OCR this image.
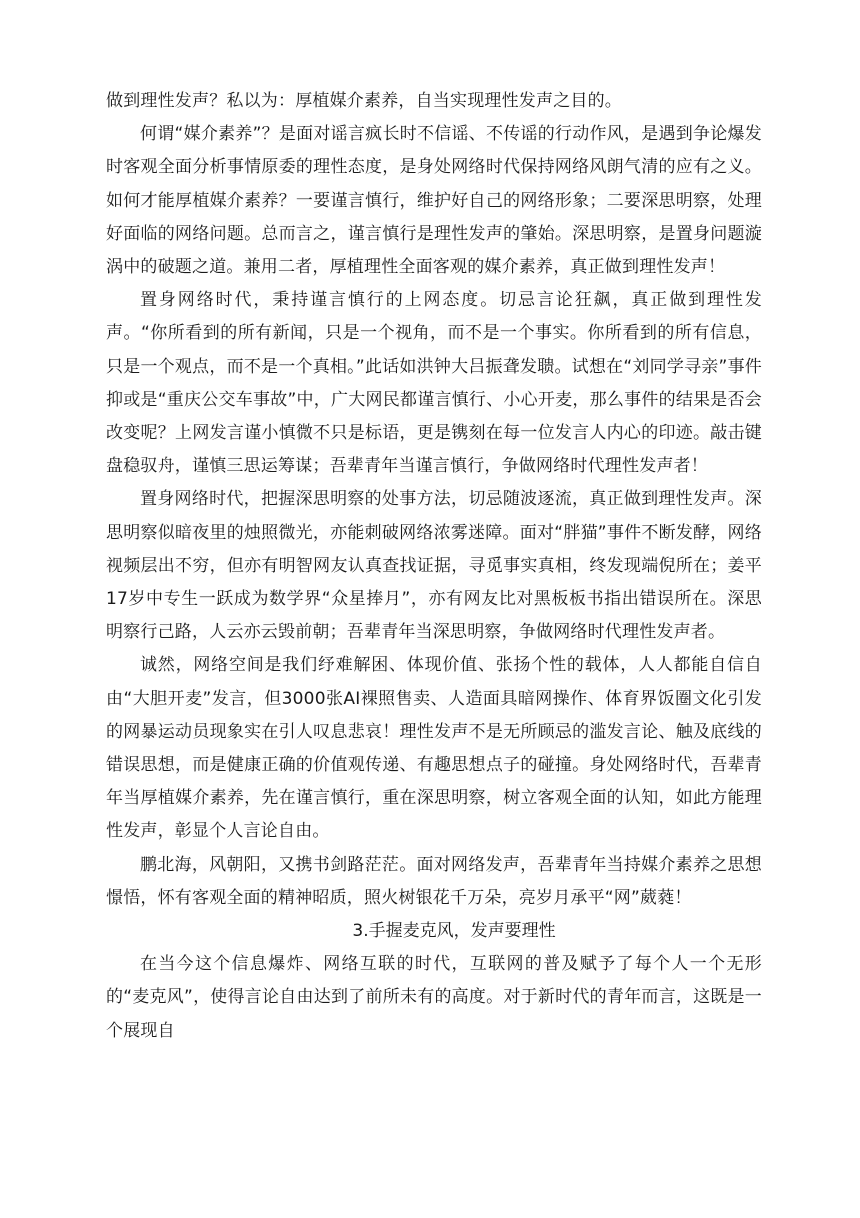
做到理性发声？私以为：厚植媒介素养，自当实现理性发声之目的。

何谓“媒介素养”？是面对谣言疯长时不信谣、不传谣的行动作风，是遇到争论爆发时客观全面分析事情原委的理性态度，是身处网络时代保持网络风朗气清的应有之义。如何才能厚植媒介素养？一要谨言慎行，维护好自己的网络形象；二要深思明察，处理好面临的网络问题。总而言之，谨言慎行是理性发声的肇始。深思明察，是置身问题漩涡中的破题之道。兼用二者，厚植理性全面客观的媒介素养，真正做到理性发声！

置身网络时代，秉持谨言慎行的上网态度。切忌言论狂飙，真正做到理性发声。“你所看到的所有新闻，只是一个视角，而不是一个事实。你所看到的所有信息，只是一个观点，而不是一个真相。”此话如洪钟大吕振聋发聩。试想在“刘同学寻亲”事件抑或是“重庆公交车事故”中，广大网民都谨言慎行、小心开麦，那么事件的结果是否会改变呢？上网发言谨小慎微不只是标语，更是镌刻在每一位发言人内心的印迹。敲击键盘稳驭舟，谨慎三思运筹谋；吾辈青年当谨言慎行，争做网络时代理性发声者！

置身网络时代，把握深思明察的处事方法，切忌随波逐流，真正做到理性发声。深思明察似暗夜里的烛照微光，亦能刺破网络浓雾迷障。面对“胖猫”事件不断发酵，网络视频层出不穷，但亦有明智网友认真查找证据，寻觅事实真相，终发现端倪所在；姜平17岁中专生一跃成为数学界“众星捧月”，亦有网友比对黑板板书指出错误所在。深思明察行己路，人云亦云毁前朝；吾辈青年当深思明察，争做网络时代理性发声者。

诚然，网络空间是我们纾难解困、体现价值、张扬个性的载体，人人都能自信自由“大胆开麦”发言，但3000张AI裸照售卖、人造面具暗网操作、体育界饭圈文化引发的网暴运动员现象实在引人叹息悲哀！理性发声不是无所顾忌的滥发言论、触及底线的错误思想，而是健康正确的价值观传递、有趣思想点子的碰撞。身处网络时代，吾辈青年当厚植媒介素养，先在谨言慎行，重在深思明察，树立客观全面的认知，如此方能理性发声，彰显个人言论自由。

鹏北海，风朝阳，又携书剑路茫茫。面对网络发声，吾辈青年当持媒介素养之思想憬悟，怀有客观全面的精神昭质，照火树银花千万朵，亮岁月承平“网”葳蕤！

3.手握麦克风，发声要理性

在当今这个信息爆炸、网络互联的时代，互联网的普及赋予了每个人一个无形的“麦克风”，使得言论自由达到了前所未有的高度。对于新时代的青年而言，这既是一个展现自
